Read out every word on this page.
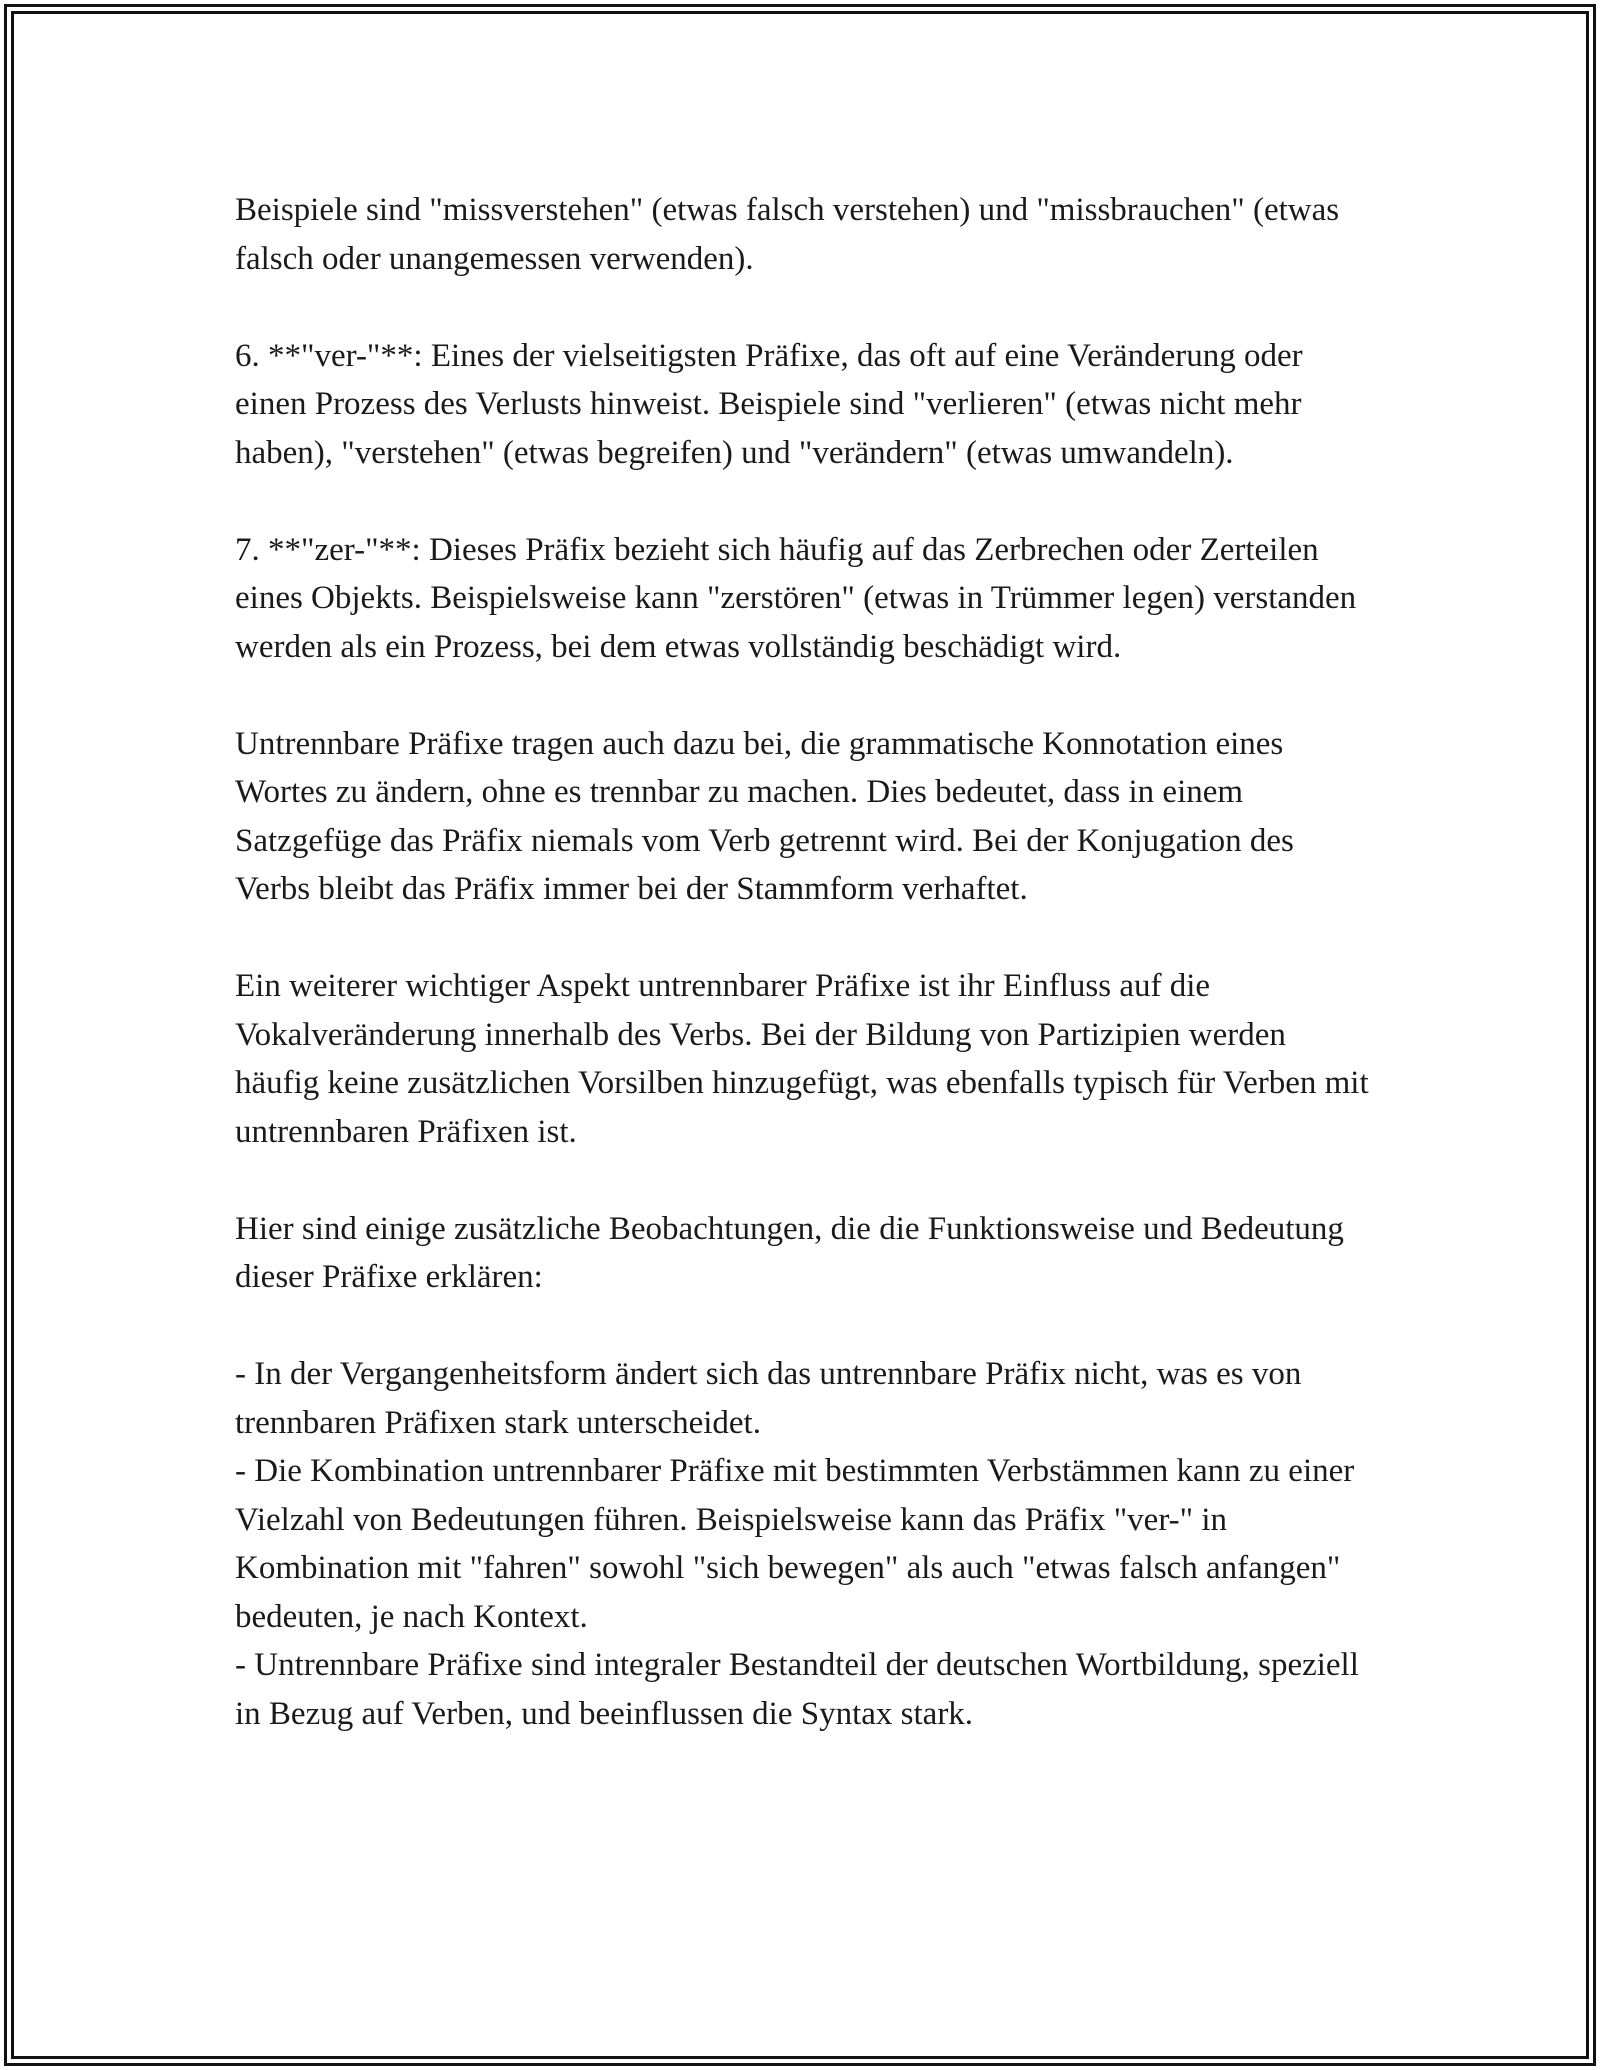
Beispiele sind "missverstehen" (etwas falsch verstehen) und "missbrauchen" (etwas falsch oder unangemessen verwenden).

6. **"ver-"**: Eines der vielseitigsten Präfixe, das oft auf eine Veränderung oder einen Prozess des Verlusts hinweist. Beispiele sind "verlieren" (etwas nicht mehr haben), "verstehen" (etwas begreifen) und "verändern" (etwas umwandeln).

7. **"zer-"**: Dieses Präfix bezieht sich häufig auf das Zerbrechen oder Zerteilen eines Objekts. Beispielsweise kann "zerstören" (etwas in Trümmer legen) verstanden werden als ein Prozess, bei dem etwas vollständig beschädigt wird.

Untrennbare Präfixe tragen auch dazu bei, die grammatische Konnotation eines Wortes zu ändern, ohne es trennbar zu machen. Dies bedeutet, dass in einem Satzgefüge das Präfix niemals vom Verb getrennt wird. Bei der Konjugation des Verbs bleibt das Präfix immer bei der Stammform verhaftet.

Ein weiterer wichtiger Aspekt untrennbarer Präfixe ist ihr Einfluss auf die Vokalveränderung innerhalb des Verbs. Bei der Bildung von Partizipien werden häufig keine zusätzlichen Vorsilben hinzugefügt, was ebenfalls typisch für Verben mit untrennbaren Präfixen ist.

Hier sind einige zusätzliche Beobachtungen, die die Funktionsweise und Bedeutung dieser Präfixe erklären:

- In der Vergangenheitsform ändert sich das untrennbare Präfix nicht, was es von trennbaren Präfixen stark unterscheidet.

- Die Kombination untrennbarer Präfixe mit bestimmten Verbstämmen kann zu einer Vielzahl von Bedeutungen führen. Beispielsweise kann das Präfix "ver-" in Kombination mit "fahren" sowohl "sich bewegen" als auch "etwas falsch anfangen" bedeuten, je nach Kontext.

- Untrennbare Präfixe sind integraler Bestandteil der deutschen Wortbildung, speziell in Bezug auf Verben, und beeinflussen die Syntax stark.
